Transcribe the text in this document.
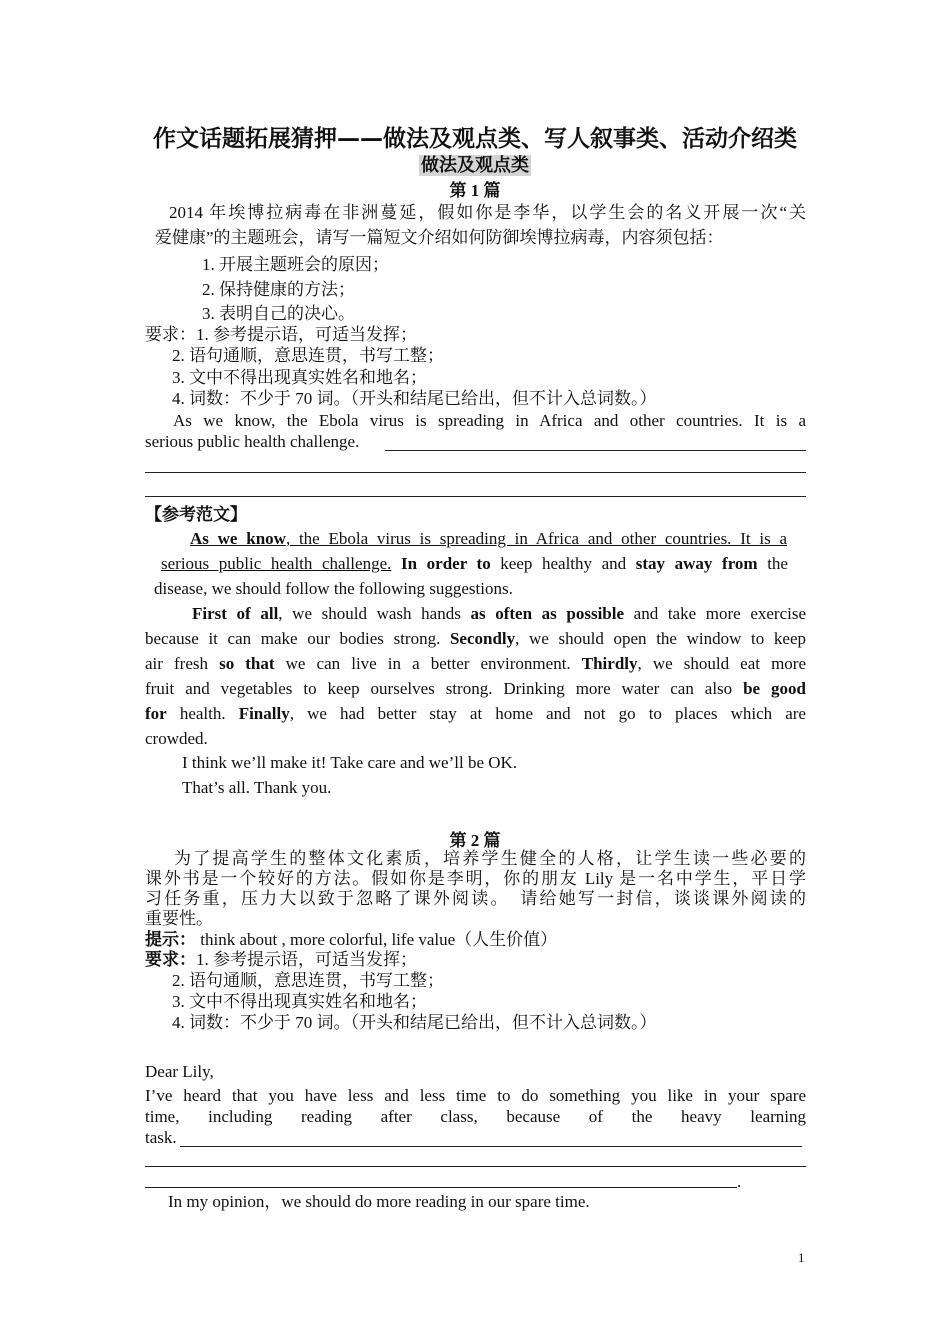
作文话题拓展猜押——做法及观点类、写人叙事类、活动介绍类
做法及观点类
第 1 篇
2014 年埃博拉病毒在非洲蔓延，假如你是李华，以学生会的名义开展一次“关
爱健康”的主题班会，请写一篇短文介绍如何防御埃博拉病毒，内容须包括：
1. 开展主题班会的原因；
2. 保持健康的方法；
3. 表明自己的决心。
要求：1. 参考提示语，可适当发挥；
2. 语句通顺，意思连贯，书写工整；
3. 文中不得出现真实姓名和地名；
4. 词数：不少于 70 词。（开头和结尾已给出，但不计入总词数。）
As we know, the Ebola virus is spreading in Africa and other countries. It is a
serious public health challenge.
【参考范文】
As we know, the Ebola virus is spreading in Africa and other countries. It is a
serious public health challenge. In order to keep healthy and stay away from the
disease, we should follow the following suggestions.
First of all, we should wash hands as often as possible and take more exercise
because it can make our bodies strong. Secondly, we should open the window to keep
air fresh so that we can live in a better environment. Thirdly, we should eat more
fruit and vegetables to keep ourselves strong. Drinking more water can also be good
for health. Finally, we had better stay at home and not go to places which are
crowded.
I think we’ll make it! Take care and we’ll be OK.
That’s all. Thank you.
第 2 篇
为了提高学生的整体文化素质，培养学生健全的人格，让学生读一些必要的
课外书是一个较好的方法。假如你是李明，你的朋友 Lily 是一名中学生，平日学
习任务重，压力大以致于忽略了课外阅读。　请给她写一封信，谈谈课外阅读的
重要性。
提示： think about , more colorful, life value（人生价值）
要求：1. 参考提示语，可适当发挥；
2. 语句通顺，意思连贯，书写工整；
3. 文中不得出现真实姓名和地名；
4. 词数：不少于 70 词。（开头和结尾已给出，但不计入总词数。）
Dear Lily,
I’ve heard that you have less and less time to do something you like in your spare
time, including reading after class, because of the heavy learning
task.
.
In my opinion，we should do more reading in our spare time.
1
